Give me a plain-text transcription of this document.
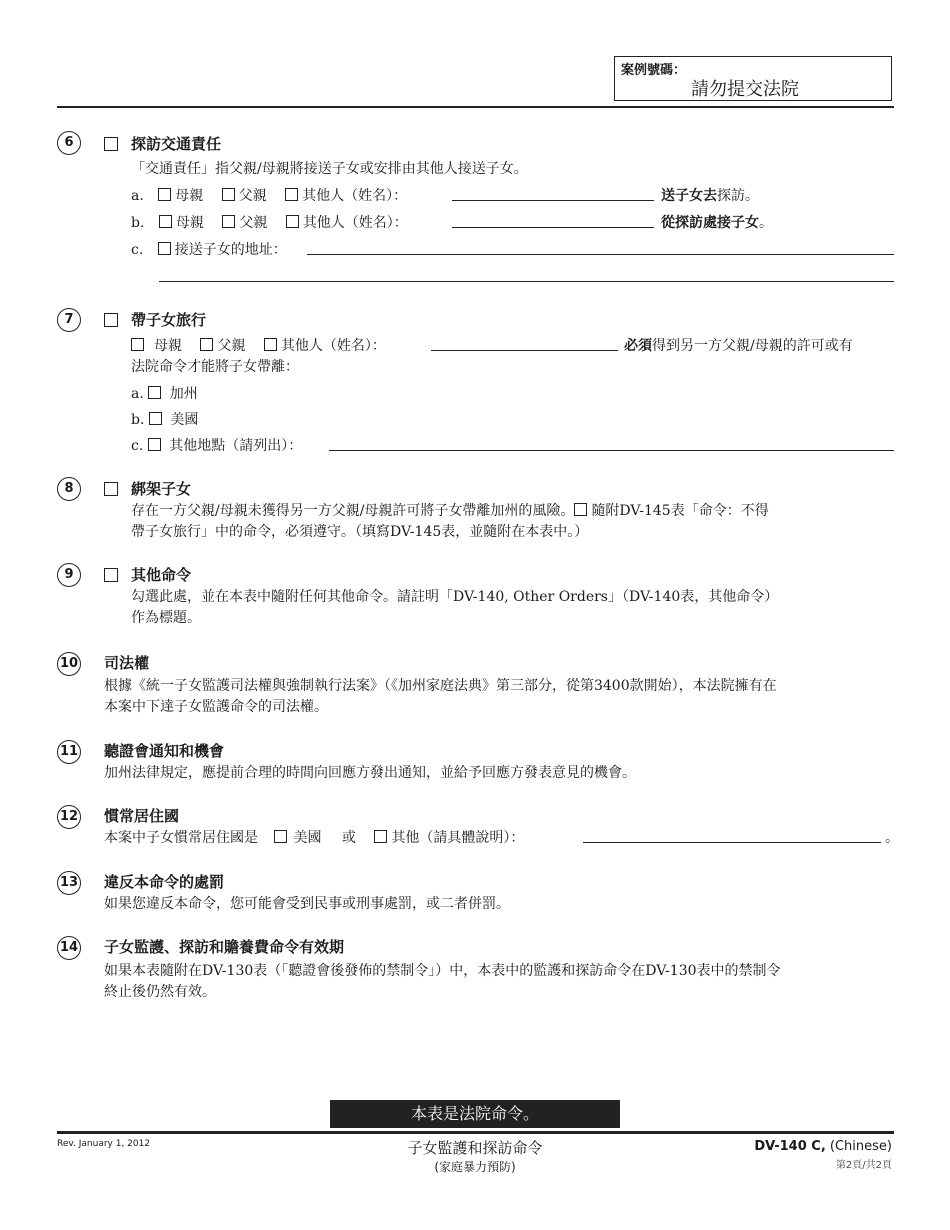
案例號碼：
請勿提交法院
6	探訪交通責任
「交通責任」指父親/母親將接送子女或安排由其他人接送子女。
a. 母親	父親	其他人（姓名）：	送子女去探訪。
b. 母親	父親	其他人（姓名）：	從探訪處接子女。
c. 接送子女的地址：
7	帶子女旅行
母親	父親	其他人（姓名）：	必須得到另一方父親/母親的許可或有
法院命令才能將子女帶離：
a. 加州
b. 美國
c. 其他地點（請列出）：
8	綁架子女
存在一方父親/母親未獲得另一方父親/母親許可將子女帶離加州的風險。 隨附DV-145表「命令：不得
帶子女旅行」中的命令，必須遵守。（填寫DV-145表，並隨附在本表中。）
9	其他命令
勾選此處，並在本表中隨附任何其他命令。請註明「DV-140, Other Orders」（DV-140表，其他命令）
作為標題。
10 司法權
根據《統一子女監護司法權與強制執行法案》（《加州家庭法典》第三部分，從第3400款開始），本法院擁有在
本案中下達子女監護命令的司法權。
11 聽證會通知和機會
加州法律規定，應提前合理的時間向回應方發出通知，並給予回應方發表意見的機會。
12 慣常居住國
本案中子女慣常居住國是	美國 或	其他（請具體說明）：	。
13 違反本命令的處罰
如果您違反本命令，您可能會受到民事或刑事處罰，或二者併罰。
14 子女監護、探訪和贍養費命令有效期
如果本表隨附在DV-130表（「聽證會後發佈的禁制令」）中，本表中的監護和探訪命令在DV-130表中的禁制令
終止後仍然有效。
本表是法院命令。
Rev. January 1, 2012	子女監護和探訪命令
(家庭暴力預防)
DV-140 C, (Chinese)
第2頁/共2頁
